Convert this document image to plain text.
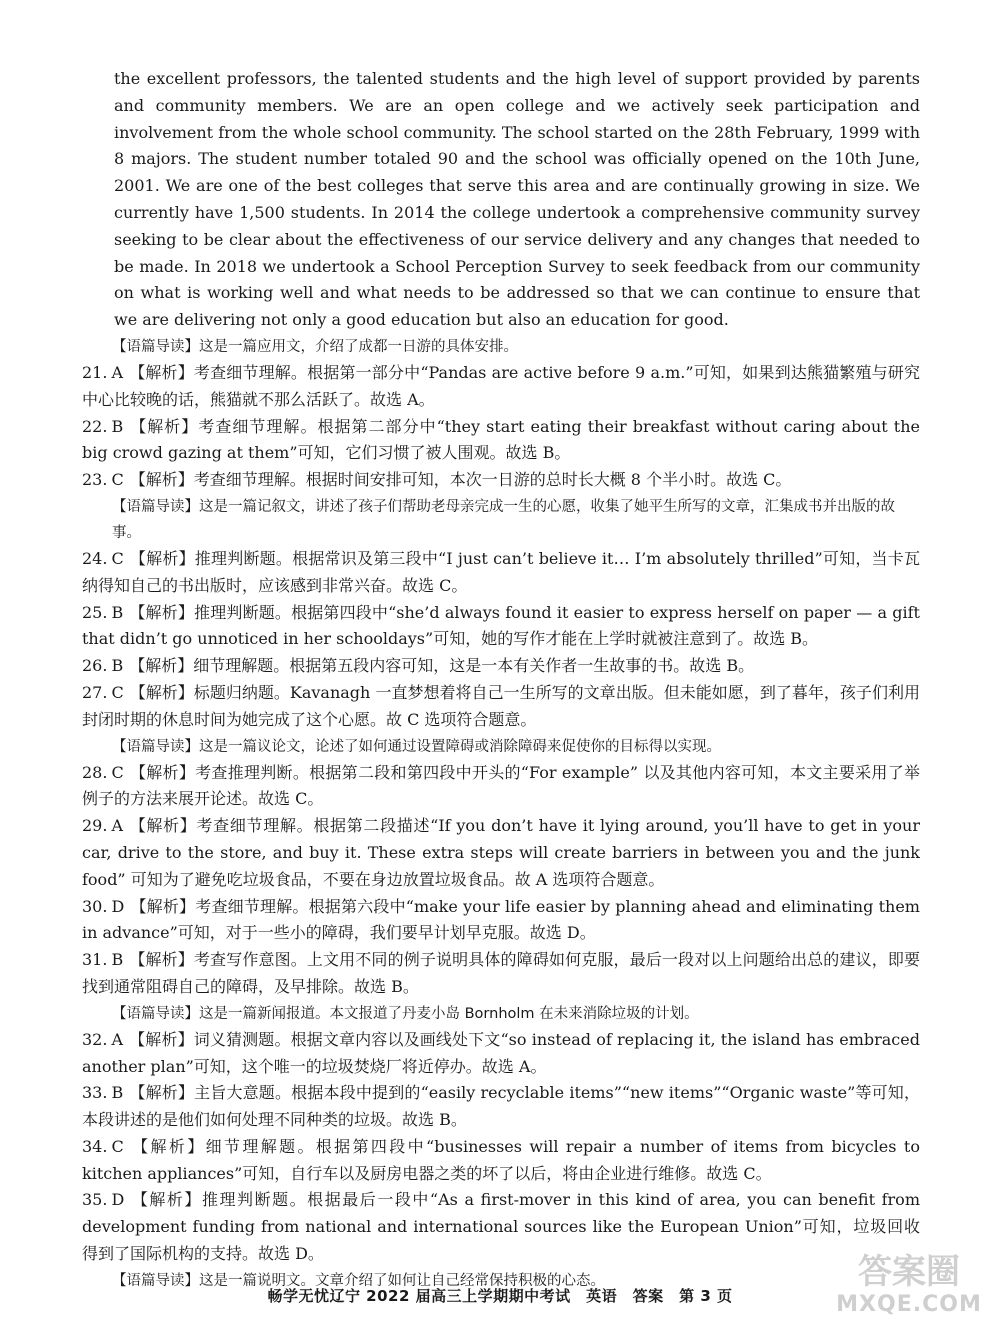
the excellent professors, the talented students and the high level of support provided by parents and community members. We are an open college and we actively seek participation and involvement from the whole school community. The school started on the 28th February, 1999 with 8 majors. The student number totaled 90 and the school was officially opened on the 10th June, 2001. We are one of the best colleges that serve this area and are continually growing in size. We currently have 1,500 students. In 2014 the college undertook a comprehensive community survey seeking to be clear about the effectiveness of our service delivery and any changes that needed to be made. In 2018 we undertook a School Perception Survey to seek feedback from our community on what is working well and what needs to be addressed so that we can continue to ensure that we are delivering not only a good education but also an education for good.

【语篇导读】这是一篇应用文，介绍了成都一日游的具体安排。

21. A 【解析】考查细节理解。根据第一部分中“Pandas are active before 9 a.m.”可知，如果到达熊猫繁殖与研究中心比较晚的话，熊猫就不那么活跃了。故选 A。

22. B 【解析】考查细节理解。根据第二部分中“they start eating their breakfast without caring about the big crowd gazing at them”可知，它们习惯了被人围观。故选 B。

23. C 【解析】考查细节理解。根据时间安排可知，本次一日游的总时长大概 8 个半小时。故选 C。

【语篇导读】这是一篇记叙文，讲述了孩子们帮助老母亲完成一生的心愿，收集了她平生所写的文章，汇集成书并出版的故事。

24. C 【解析】推理判断题。根据常识及第三段中“I just can’t believe it… I’m absolutely thrilled”可知，当卡瓦纳得知自己的书出版时，应该感到非常兴奋。故选 C。

25. B 【解析】推理判断题。根据第四段中“she’d always found it easier to express herself on paper — a gift that didn’t go unnoticed in her schooldays”可知，她的写作才能在上学时就被注意到了。故选 B。

26. B 【解析】细节理解题。根据第五段内容可知，这是一本有关作者一生故事的书。故选 B。

27. C 【解析】标题归纳题。Kavanagh 一直梦想着将自己一生所写的文章出版。但未能如愿，到了暮年，孩子们利用封闭时期的休息时间为她完成了这个心愿。故 C 选项符合题意。

【语篇导读】这是一篇议论文，论述了如何通过设置障碍或消除障碍来促使你的目标得以实现。

28. C 【解析】考查推理判断。根据第二段和第四段中开头的“For example” 以及其他内容可知，本文主要采用了举例子的方法来展开论述。故选 C。

29. A 【解析】考查细节理解。根据第二段描述“If you don’t have it lying around, you’ll have to get in your car, drive to the store, and buy it. These extra steps will create barriers in between you and the junk food” 可知为了避免吃垃圾食品，不要在身边放置垃圾食品。故 A 选项符合题意。

30. D 【解析】考查细节理解。根据第六段中“make your life easier by planning ahead and eliminating them in advance”可知，对于一些小的障碍，我们要早计划早克服。故选 D。

31. B 【解析】考查写作意图。上文用不同的例子说明具体的障碍如何克服，最后一段对以上问题给出总的建议，即要找到通常阻碍自己的障碍，及早排除。故选 B。

【语篇导读】这是一篇新闻报道。本文报道了丹麦小岛 Bornholm 在未来消除垃圾的计划。

32. A 【解析】词义猜测题。根据文章内容以及画线处下文“so instead of replacing it, the island has embraced another plan”可知，这个唯一的垃圾焚烧厂将近停办。故选 A。

33. B 【解析】主旨大意题。根据本段中提到的“easily recyclable items”“new items”“Organic waste”等可知，本段讲述的是他们如何处理不同种类的垃圾。故选 B。

34. C 【解析】细节理解题。根据第四段中“businesses will repair a number of items from bicycles to kitchen appliances”可知，自行车以及厨房电器之类的坏了以后，将由企业进行维修。故选 C。

35. D 【解析】推理判断题。根据最后一段中“As a first-mover in this kind of area, you can benefit from development funding from national and international sources like the European Union”可知，垃圾回收得到了国际机构的支持。故选 D。

【语篇导读】这是一篇说明文。文章介绍了如何让自己经常保持积极的心态。

畅学无忧辽宁 2022 届高三上学期期中考试　英语　答案　第 3 页
答案圈
MXQE.COM
